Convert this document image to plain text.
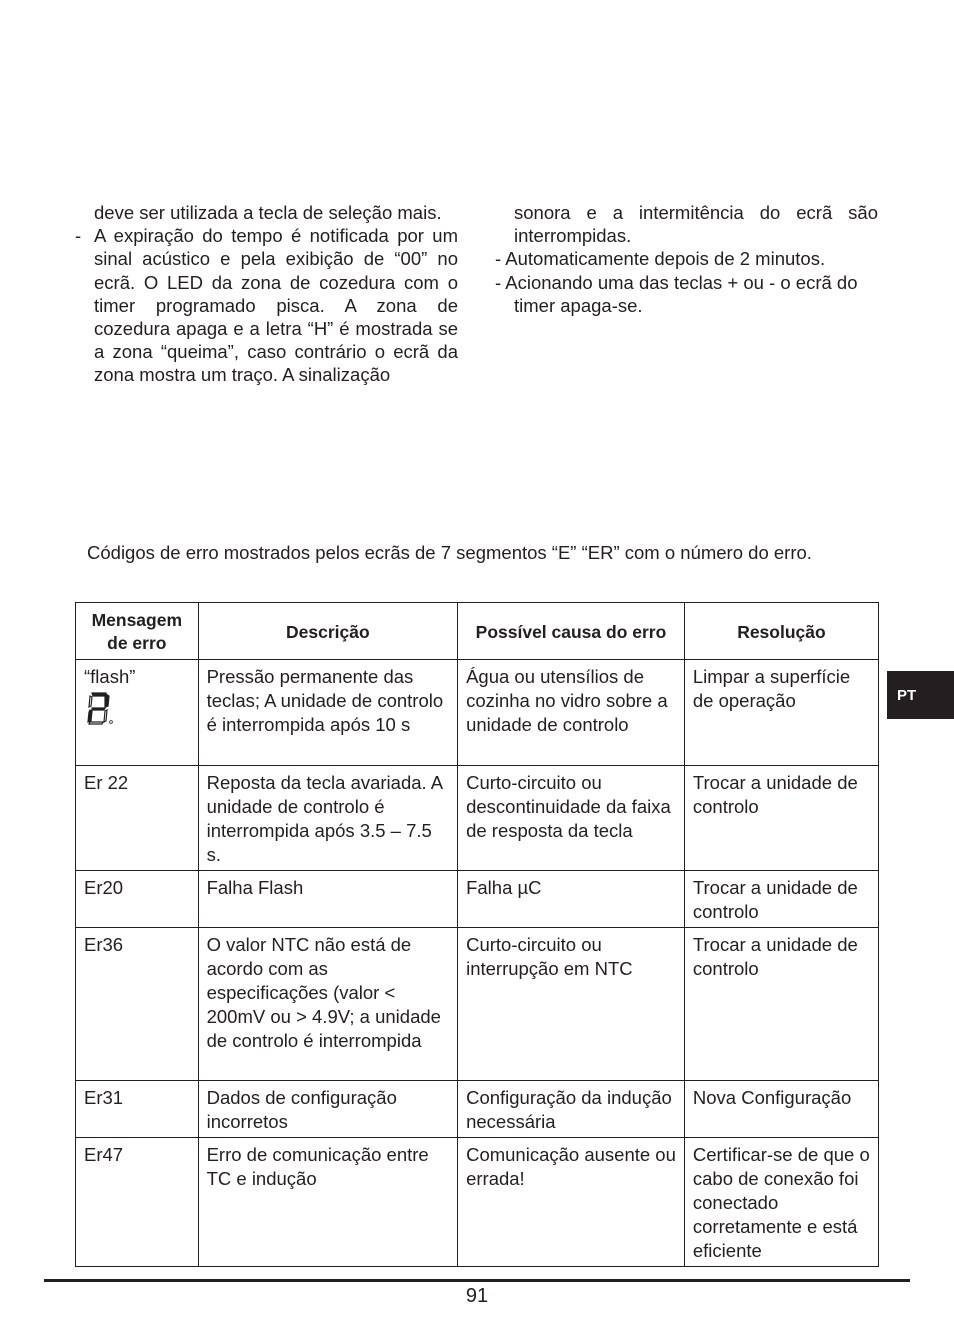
deve ser utilizada a tecla de seleção mais.

- A expiração do tempo é notificada por um sinal acústico e pela exibição de “00” no ecrã. O LED da zona de cozedura com o timer programado pisca. A zona de cozedura apaga e a letra “H” é mostrada se a zona “queima”, caso contrário o ecrã da zona mostra um traço. A sinalização

sonora e a intermitência do ecrã são interrompidas.

- Automaticamente depois de 2 minutos.

- Acionando uma das teclas + ou - o ecrã do timer apaga-se.

Códigos de erro mostrados pelos ecrãs de 7 segmentos “E” “ER” com o número do erro.
Mensagem de erro	Descrição	Possível causa do erro	Resolução
“flash”	Pressão permanente das teclas; A unidade de controlo é interrompida após 10 s	Água ou utensílios de cozinha no vidro sobre a unidade de controlo	Limpar a superfície de operação
Er 22	Reposta da tecla avariada. A unidade de controlo é interrompida após 3.5 – 7.5 s.	Curto-circuito ou descontinuidade da faixa de resposta da tecla	Trocar a unidade de controlo
Er20	Falha Flash	Falha µC	Trocar a unidade de controlo
Er36	O valor NTC não está de acordo com as especificações (valor < 200mV ou > 4.9V; a unidade de controlo é interrompida	Curto-circuito ou interrupção em NTC	Trocar a unidade de controlo
Er31	Dados de configuração incorretos	Configuração da indução necessária	Nova Configuração
Er47	Erro de comunicação entre TC e indução	Comunicação ausente ou errada!	Certificar-se de que o cabo de conexão foi conectado corretamente e está eficiente
PT
91
